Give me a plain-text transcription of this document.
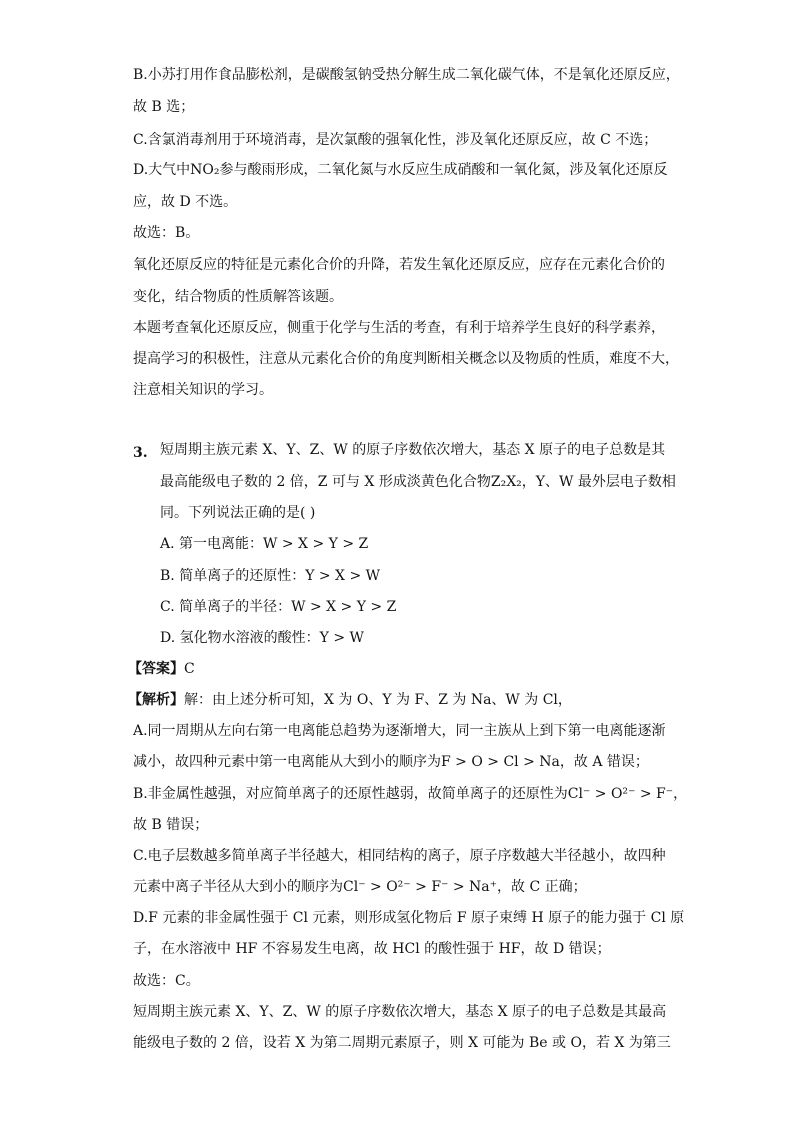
B.小苏打用作食品膨松剂，是碳酸氢钠受热分解生成二氧化碳气体，不是氧化还原反应，
故 B 选；
C.含氯消毒剂用于环境消毒，是次氯酸的强氧化性，涉及氧化还原反应，故 C 不选；
D.大气中NO₂参与酸雨形成，二氧化氮与水反应生成硝酸和一氧化氮，涉及氧化还原反
应，故 D 不选。
故选：B。
氧化还原反应的特征是元素化合价的升降，若发生氧化还原反应，应存在元素化合价的
变化，结合物质的性质解答该题。
本题考查氧化还原反应，侧重于化学与生活的考查，有利于培养学生良好的科学素养，
提高学习的积极性，注意从元素化合价的角度判断相关概念以及物质的性质，难度不大，
注意相关知识的学习。
3. 短周期主族元素 X、Y、Z、W 的原子序数依次增大，基态 X 原子的电子总数是其
最高能级电子数的 2 倍，Z 可与 X 形成淡黄色化合物Z₂X₂，Y、W 最外层电子数相
同。下列说法正确的是( )
A. 第一电离能：W > X > Y > Z
B. 简单离子的还原性：Y > X > W
C. 简单离子的半径：W > X > Y > Z
D. 氢化物水溶液的酸性：Y > W
【答案】C
【解析】解：由上述分析可知，X 为 O、Y 为 F、Z 为 Na、W 为 Cl，
A.同一周期从左向右第一电离能总趋势为逐渐增大，同一主族从上到下第一电离能逐渐
减小，故四种元素中第一电离能从大到小的顺序为F > O > Cl > Na，故 A 错误；
B.非金属性越强，对应简单离子的还原性越弱，故简单离子的还原性为Cl⁻ > O²⁻ > F⁻，
故 B 错误；
C.电子层数越多简单离子半径越大，相同结构的离子，原子序数越大半径越小，故四种
元素中离子半径从大到小的顺序为Cl⁻ > O²⁻ > F⁻ > Na⁺，故 C 正确；
D.F 元素的非金属性强于 Cl 元素，则形成氢化物后 F 原子束缚 H 原子的能力强于 Cl 原
子，在水溶液中 HF 不容易发生电离，故 HCl 的酸性强于 HF，故 D 错误；
故选：C。
短周期主族元素 X、Y、Z、W 的原子序数依次增大，基态 X 原子的电子总数是其最高
能级电子数的 2 倍，设若 X 为第二周期元素原子，则 X 可能为 Be 或 O，若 X 为第三
